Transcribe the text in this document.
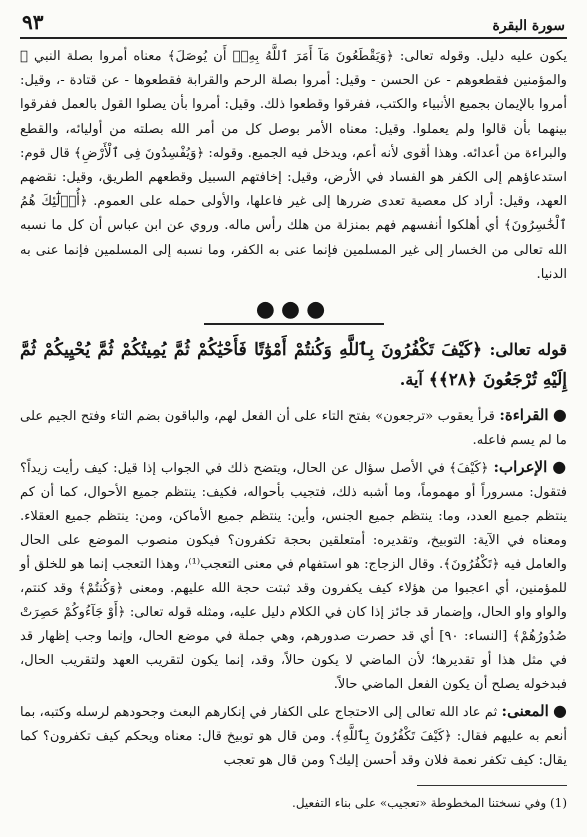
سورة البقرة
٩٣

يكون عليه دليل. وقوله تعالى: ﴿وَيَقْطَعُونَ مَآ أَمَرَ ٱللَّهُ بِهِۦٓ أَن يُوصَلَ﴾ معناه أمروا بصلة النبي ﷺ والمؤمنين فقطعوهم - عن الحسن - وقيل: أمروا بصلة الرحم والقرابة فقطعوها - عن قتادة -، وقيل: أمروا بالإيمان بجميع الأنبياء والكتب، ففرقوا وقطعوا ذلك. وقيل: أمروا بأن يصلوا القول بالعمل ففرقوا بينهما بأن قالوا ولم يعملوا. وقيل: معناه الأمر بوصل كل من أمر الله بصلته من أوليائه، والقطع والبراءة من أعدائه. وهذا أقوى لأنه أعم، ويدخل فيه الجميع. وقوله: ﴿وَيُفْسِدُونَ فِى ٱلْأَرْضِ﴾ قال قوم: استدعاؤهم إلى الكفر هو الفساد في الأرض، وقيل: إخافتهم السبيل وقطعهم الطريق، وقيل: نقضهم العهد، وقيل: أراد كل معصية تعدى ضررها إلى غير فاعلها، والأولى حمله على العموم. ﴿أُو۟لَٰٓئِكَ هُمُ ٱلْخَٰسِرُونَ﴾ أي أهلكوا أنفسهم فهم بمنزلة من هلك رأس ماله. وروي عن ابن عباس أن كل ما نسبه الله تعالى من الخسار إلى غير المسلمين فإنما عنى به الكفر، وما نسبه إلى المسلمين فإنما عنى به الدنيا.

●●●

قوله تعالى: ﴿كَيْفَ تَكْفُرُونَ بِٱللَّهِ وَكُنتُمْ أَمْوَٰتًا فَأَحْيَٰكُمْ ثُمَّ يُمِيتُكُمْ ثُمَّ يُحْيِيكُمْ ثُمَّ إِلَيْهِ تُرْجَعُونَ ﴿٢٨﴾﴾ آية.

● القراءة: قرأ يعقوب «ترجعون» بفتح التاء على أن الفعل لهم، والباقون بضم التاء وفتح الجيم على ما لم يسم فاعله.

● الإعراب: ﴿كَيْفَ﴾ في الأصل سؤال عن الحال، ويتضح ذلك في الجواب إذا قيل: كيف رأيت زيداً؟ فتقول: مسروراً أو مهموماً، وما أشبه ذلك، فتجيب بأحواله، فكيف: ينتظم جميع الأحوال، كما أن كم ينتظم جميع العدد، وما: ينتظم جميع الجنس، وأين: ينتظم جميع الأماكن، ومن: ينتظم جميع العقلاء. ومعناه في الآية: التوبيخ، وتقديره: أمتعلقين بحجة تكفرون؟ فيكون منصوب الموضع على الحال والعامل فيه ﴿تَكْفُرُونَ﴾. وقال الزجاج: هو استفهام في معنى التعجب⁽¹⁾، وهذا التعجب إنما هو للخلق أو للمؤمنين، أي اعجبوا من هؤلاء كيف يكفرون وقد ثبتت حجة الله عليهم. ومعنى ﴿وَكُنتُمْ﴾ وقد كنتم، والواو واو الحال، وإضمار قد جائز إذا كان في الكلام دليل عليه، ومثله قوله تعالى: ﴿أَوْ جَآءُوكُمْ حَصِرَتْ صُدُورُهُمْ﴾ [النساء: ٩٠] أي قد حصرت صدورهم، وهي جملة في موضع الحال، وإنما وجب إظهار قد في مثل هذا أو تقديرها؛ لأن الماضي لا يكون حالاً، وقد، إنما يكون لتقريب العهد ولتقريب الحال، فبدخوله يصلح أن يكون الفعل الماضي حالاً.

● المعنى: ثم عاد الله تعالى إلى الاحتجاج على الكفار في إنكارهم البعث وجحودهم لرسله وكتبه، بما أنعم به عليهم فقال: ﴿كَيْفَ تَكْفُرُونَ بِٱللَّهِ﴾. ومن قال هو توبيخ قال: معناه ويحكم كيف تكفرون؟ كما يقال: كيف تكفر نعمة فلان وقد أحسن إليك؟ ومن قال هو تعجب

(1) وفي نسختنا المخطوطة «تعجيب» على بناء التفعيل.
